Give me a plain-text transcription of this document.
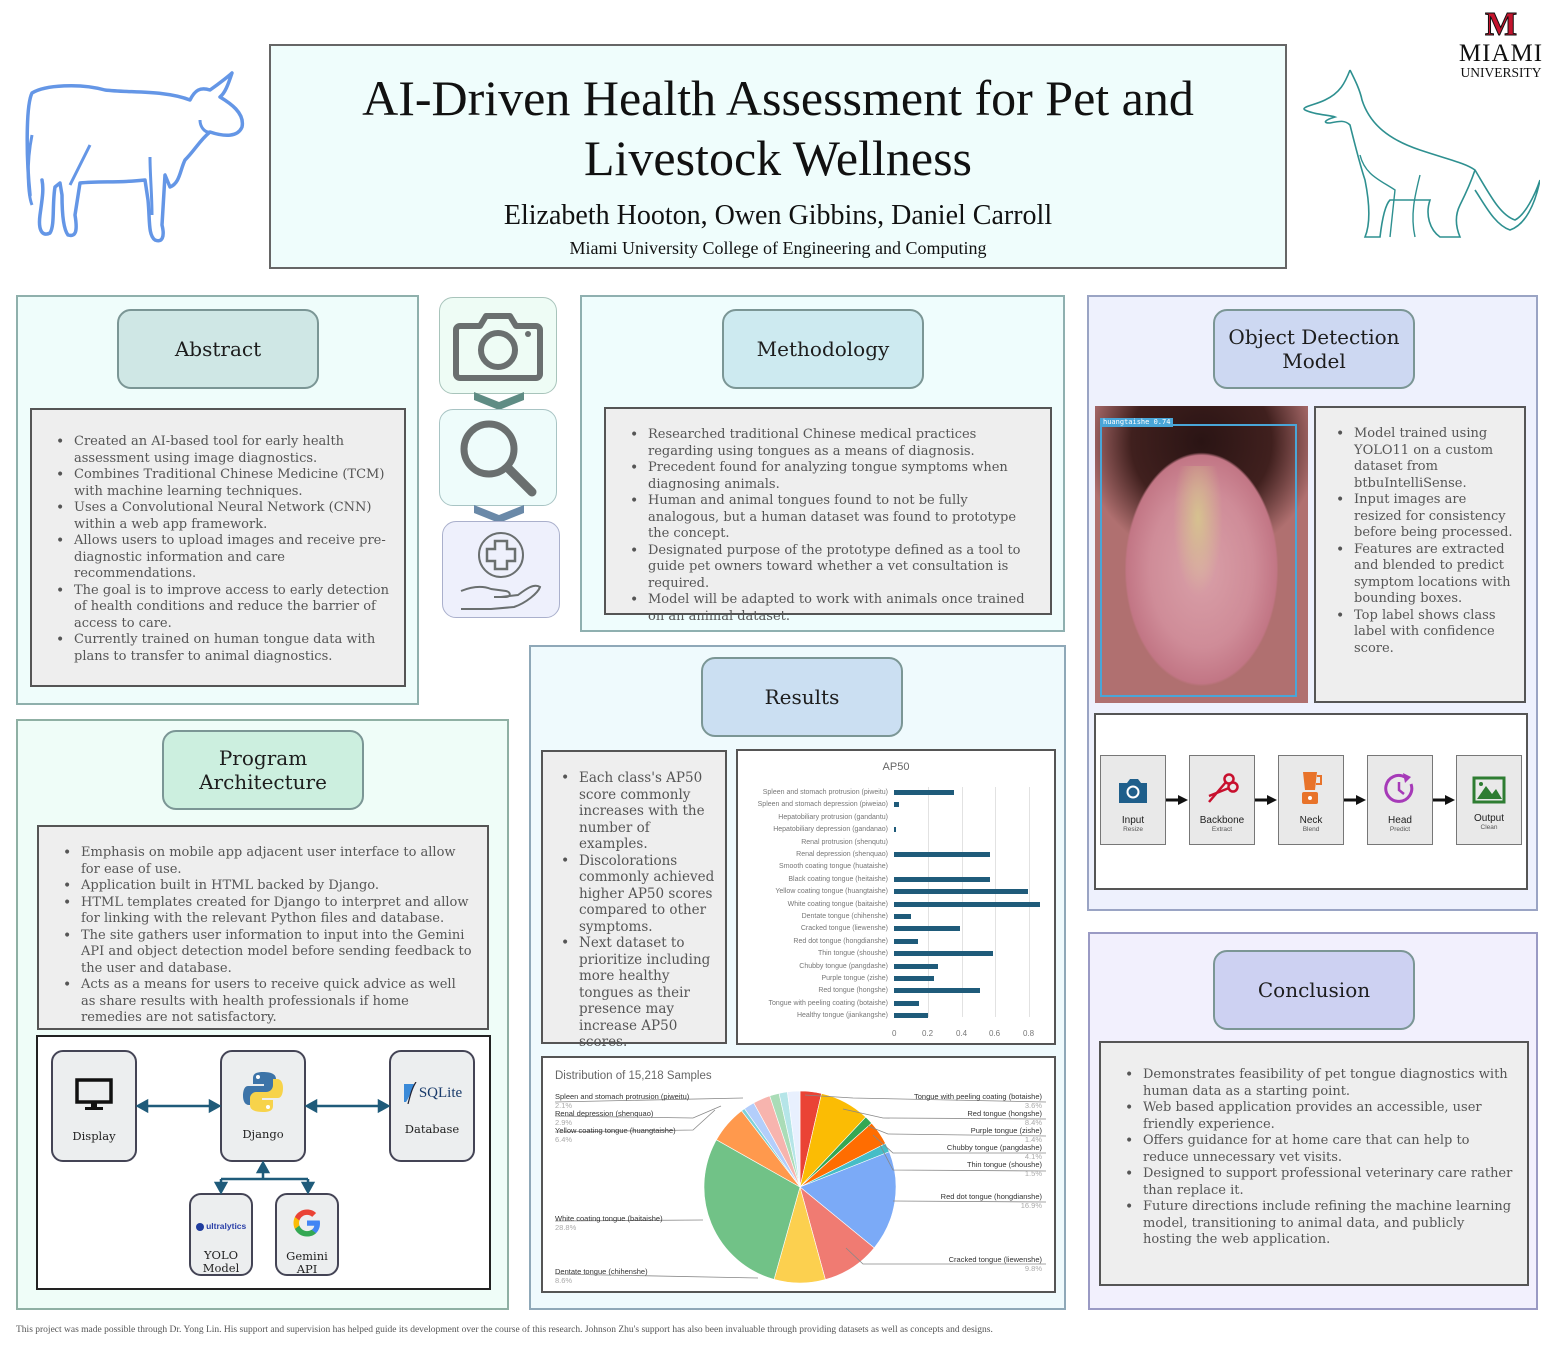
M
MIAMI
UNIVERSITY
AI-Driven Health Assessment for Pet and
Livestock Wellness
Elizabeth Hooton, Owen Gibbins, Daniel Carroll
Miami University College of Engineering and Computing
Abstract
• Created an AI-based tool for early health assessment using image diagnostics.
• Combines Traditional Chinese Medicine (TCM) with machine learning techniques.
• Uses a Convolutional Neural Network (CNN) within a web app framework.
• Allows users to upload images and receive pre-diagnostic information and care recommendations.
• The goal is to improve access to early detection of health conditions and reduce the barrier of access to care.
• Currently trained on human tongue data with plans to transfer to animal diagnostics.
Methodology
• Researched traditional Chinese medical practices regarding using tongues as a means of diagnosis.
• Precedent found for analyzing tongue symptoms when diagnosing animals.
• Human and animal tongues found to not be fully analogous, but a human dataset was found to prototype the concept.
• Designated purpose of the prototype defined as a tool to guide pet owners toward whether a vet consultation is required.
• Model will be adapted to work with animals once trained on an animal dataset.
Object Detection
Model
huangtaishe 0.74
• Model trained using YOLO11 on a custom dataset from btbuIntelliSense.
• Input images are resized for consistency before being processed.
• Features are extracted and blended to predict symptom locations with bounding boxes.
• Top label shows class label with confidence score.
Input
Resize
Backbone
Extract
Neck
Blend
Head
Predict
Output
Clean
Program
Architecture
• Emphasis on mobile app adjacent user interface to allow for ease of use.
• Application built in HTML backed by Django.
• HTML templates created for Django to interpret and allow for linking with the relevant Python files and database.
• The site gathers user information to input into the Gemini API and object detection model before sending feedback to the user and database.
• Acts as a means for users to receive quick advice as well as share results with health professionals if home remedies are not satisfactory.
Display	Django
SQLite
Database
ultralytics
YOLO
Model
Gemini
API
Results
• Each class's AP50 score commonly increases with the number of examples.
• Discolorations commonly achieved higher AP50 scores compared to other symptoms.
• Next dataset to prioritize including more healthy tongues as their presence may increase AP50 scores.
AP50
Spleen and stomach protrusion (piweitu)
Spleen and stomach depression (piweiao)
Hepatobiliary protrusion (gandantu)
Hepatobiliary depression (gandanao)
Renal protrusion (shenqutu)
Renal depression (shenquao)
Smooth coating tongue (huataishe)
Black coating tongue (heitaishe)
Yellow coating tongue (huangtaishe)
White coating tongue (baitaishe)
Dentate tongue (chihenshe)
Cracked tongue (liewenshe)
Red dot tongue (hongdianshe)
Thin tongue (shoushe)
Chubby tongue (pangdashe)
Purple tongue (zishe)
Red tongue (hongshe)
Tongue with peeling coating (botaishe)
Healthy tongue (jiankangshe)
0	0.2	0.4	0.6	0.8
Distribution of 15,218 Samples
Spleen and stomach protrusion (piweitu)
2.1%
Renal depression (shenquao)
2.9%
Yellow coating tongue (huangtaishe)
6.4%
White coating tongue (baitaishe)
28.8%
Dentate tongue (chihenshe)
8.6%
Tongue with peeling coating (botaishe)
3.6%
Red tongue (hongshe)
8.4%
Purple tongue (zishe)
1.4%
Chubby tongue (pangdashe)
4.1%
Thin tongue (shoushe)
1.5%
Red dot tongue (hongdianshe)
16.9%
Cracked tongue (liewenshe)
9.8%
Conclusion
• Demonstrates feasibility of pet tongue diagnostics with human data as a starting point.
• Web based application provides an accessible, user friendly experience.
• Offers guidance for at home care that can help to reduce unnecessary vet visits.
• Designed to support professional veterinary care rather than replace it.
• Future directions include refining the machine learning model, transitioning to animal data, and publicly hosting the web application.
This project was made possible through Dr. Yong Lin. His support and supervision has helped guide its development over the course of this research. Johnson Zhu's support has also been invaluable through providing datasets as well as concepts and designs.
